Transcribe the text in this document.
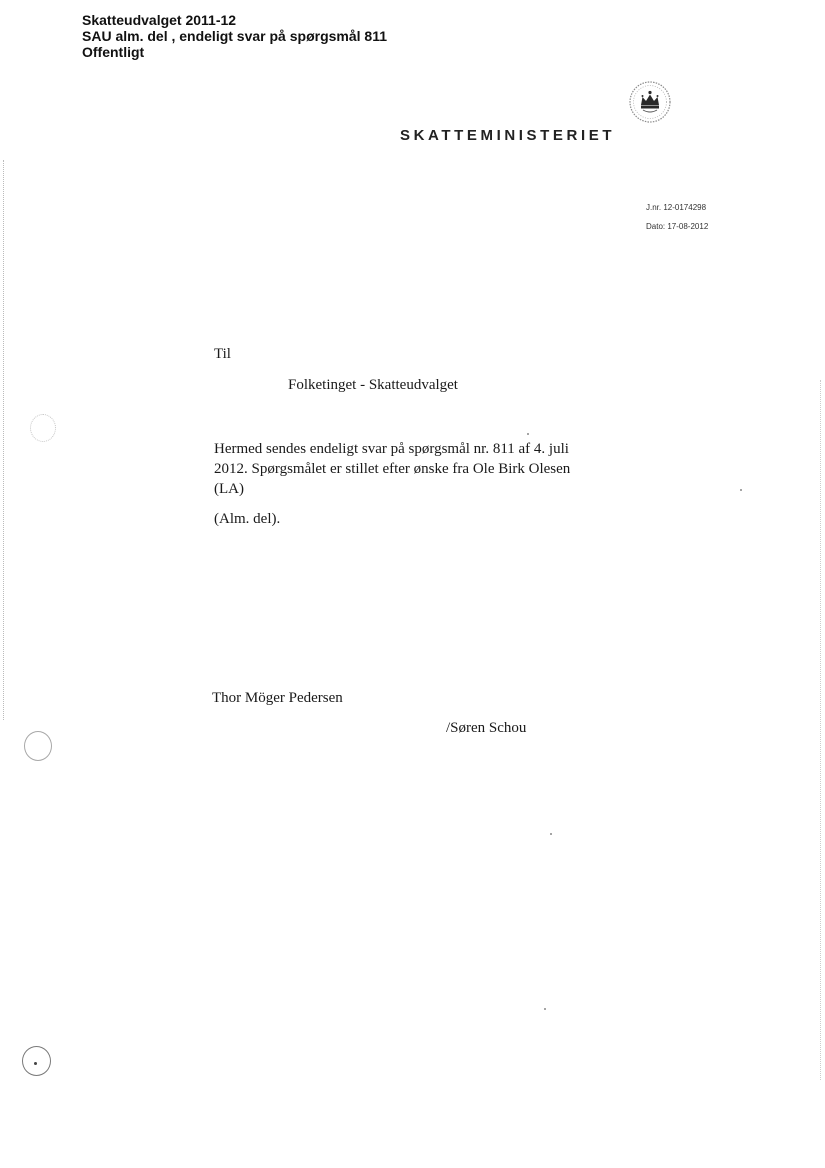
Skatteudvalget 2011-12
SAU alm. del , endeligt svar på spørgsmål 811
Offentligt
SKATTEMINISTERIET
J.nr. 12-0174298
Dato: 17-08-2012
Til
Folketinget - Skatteudvalget
Hermed sendes endeligt svar på spørgsmål nr. 811 af 4. juli
2012. Spørgsmålet er stillet efter ønske fra Ole Birk Olesen
(LA)
(Alm. del).
Thor Möger Pedersen
/Søren Schou
